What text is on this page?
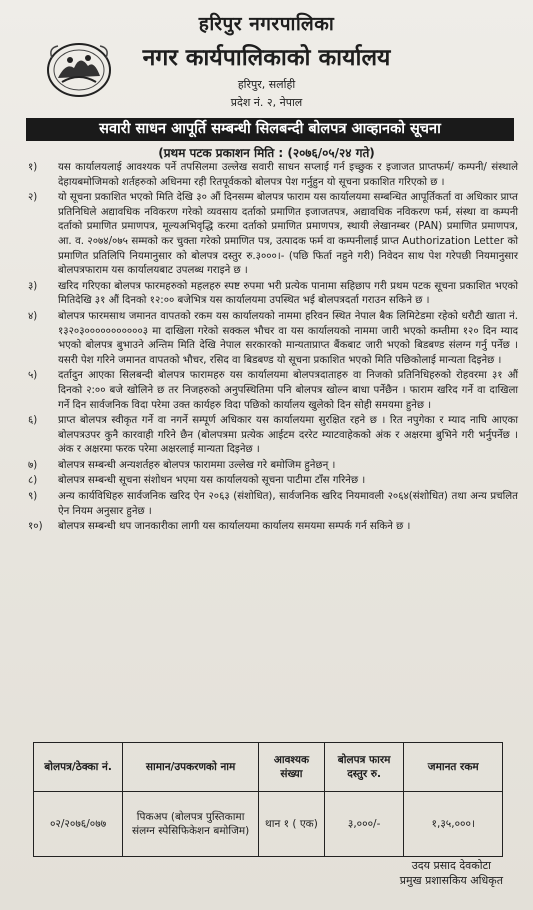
हरिपुर नगरपालिका
नगर कार्यपालिकाको कार्यालय
हरिपुर, सर्लाही
प्रदेश नं. २, नेपाल
सवारी साधन आपूर्ति सम्बन्धी सिलबन्दी बोलपत्र आव्हानको सूचना
(प्रथम पटक प्रकाशन मिति : (२०७६/०५/२४ गते)
१)	यस कार्यालयलाई आवश्यक पर्ने तपसिलमा उल्लेख सवारी साधन सप्लाई गर्न इच्छुक र इजाजत प्राप्तफर्म/ कम्पनी/ संस्थाले देहायबमोजिमको शर्तहरुको अधिनमा रही रितपूर्वकको बोलपत्र पेश गर्नुहुन यो सूचना प्रकाशित गरिएको छ ।
२)	यो सूचना प्रकाशित भएको मिति देखि ३० औं दिनसम्म बोलपत्र फाराम यस कार्यालयमा सम्बन्धित आपूर्तिकर्ता वा अधिकार प्राप्त प्रतिनिधिले अद्यावधिक नविकरण गरेको व्यवसाय दर्ताको प्रमाणित इजाजतपत्र, अद्यावधिक नविकरण फर्म, संस्था वा कम्पनी दर्ताको प्रमाणित प्रमाणपत्र, मूल्यअभिवृद्धि करमा दर्ताको प्रमाणित प्रमाणपत्र, स्थायी लेखानम्बर (PAN) प्रमाणित प्रमाणपत्र, आ. व. २०७४/०७५ सम्मको कर चुक्ता गरेको प्रमाणित पत्र, उत्पादक फर्म वा कम्पनीलाई प्राप्त Authorization Letter को प्रमाणित प्रतिलिपि नियमानुसार को बोलपत्र दस्तुर रु.३०००।- (पछि फिर्ता नहुने गरी) निवेदन साथ पेश गरेपछी नियमानुसार बोलपत्रफाराम यस कार्यालयबाट उपलब्ध गराइने छ ।
३)	खरिद गरिएका बोलपत्र फारमहरुको महलहरु स्पष्ट रुपमा भरी प्रत्येक पानामा सहिछाप गरी प्रथम पटक सूचना प्रकाशित भएको मितिदेखि ३१ औं दिनको १२:०० बजेभित्र यस कार्यालयमा उपस्थित भई बोलपत्रदर्ता गराउन सकिने छ ।
४)	बोलपत्र फारमसाथ जमानत वापतको रकम यस कार्यालयको नाममा हरिवन स्थित नेपाल बैक लिमिटेडमा रहेको धरौटी खाता नं. १३२०३०००००००००००३ मा दाखिला गरेको सक्कल भौचर वा यस कार्यालयको नाममा जारी भएको कम्तीमा १२० दिन म्याद भएको बोलपत्र बुभाउने अन्तिम मिति देखि नेपाल सरकारको मान्यताप्राप्त बैंकबाट जारी भएको बिडबण्ड संलग्न गर्नु पर्नेछ । यसरी पेश गरिने जमानत वापतको भौचर, रसिद वा बिडबण्ड यो सूचना प्रकाशित भएको मिति पछिकोलाई मान्यता दिइनेछ ।
५)	दर्तादुन आएका सिलबन्दी बोलपत्र फारामहरु यस कार्यालयमा बोलपत्रदाताहरु वा निजको प्रतिनिधिहरुको रोहवरमा ३१ औं दिनको २:०० बजे खोलिने छ तर निजहरुको अनुपस्थितिमा पनि बोलपत्र खोल्न बाधा पर्नेछैन । फाराम खरिद गर्ने वा दाखिला गर्ने दिन सार्वजनिक विदा परेमा उक्त कार्यहरु विदा पछिको कार्यालय खुलेको दिन सोही समयमा हुनेछ ।
६)	प्राप्त बोलपत्र स्वीकृत गर्ने वा नगर्ने सम्पूर्ण अधिकार यस कार्यालयमा सुरक्षित रहने छ । रित नपुगेका र म्याद नाघि आएका बोलपत्रउपर कुनै कारवाही गरिने छैन (बोलपत्रमा प्रत्येक आईटम दररेट म्याटवाहेकको अंक र अक्षरमा बुभिने गरी भर्नुपर्नेछ । अंक र अक्षरमा फरक परेमा अक्षरलाई मान्यता दिइनेछ ।
७)	बोलपत्र सम्बन्धी अन्यशर्तहरु बोलपत्र फाराममा उल्लेख गरे बमोजिम हुनेछन् ।
८)	बोलपत्र सम्बन्धी सूचना संशोधन भएमा यस कार्यालयको सूचना पाटीमा टाँस गरिनेछ ।
९)	अन्य कार्यविधिहरु सार्वजनिक खरिद ऐन २०६३ (संशोधित), सार्वजनिक खरिद नियमावली २०६४(संशोधित) तथा अन्य प्रचलित ऐन नियम अनुसार हुनेछ ।
१०)	बोलपत्र सम्बन्धी थप जानकारीका लागी यस कार्यालयमा कार्यालय समयमा सम्पर्क गर्न सकिने छ ।
बोलपत्र/ठेक्का नं.	सामान/उपकरणको नाम	आवश्यक संख्या	बोलपत्र फारम दस्तुर रु.	जमानत रकम
०२/२०७६/०७७	पिकअप (बोलपत्र पुस्तिकामा संलग्न स्पेसिफिकेशन बमोजिम)	थान १ ( एक)	३,०००/-	१,३५,०००।
उदय प्रसाद देवकोटा
प्रमुख प्रशासकिय अधिकृत
